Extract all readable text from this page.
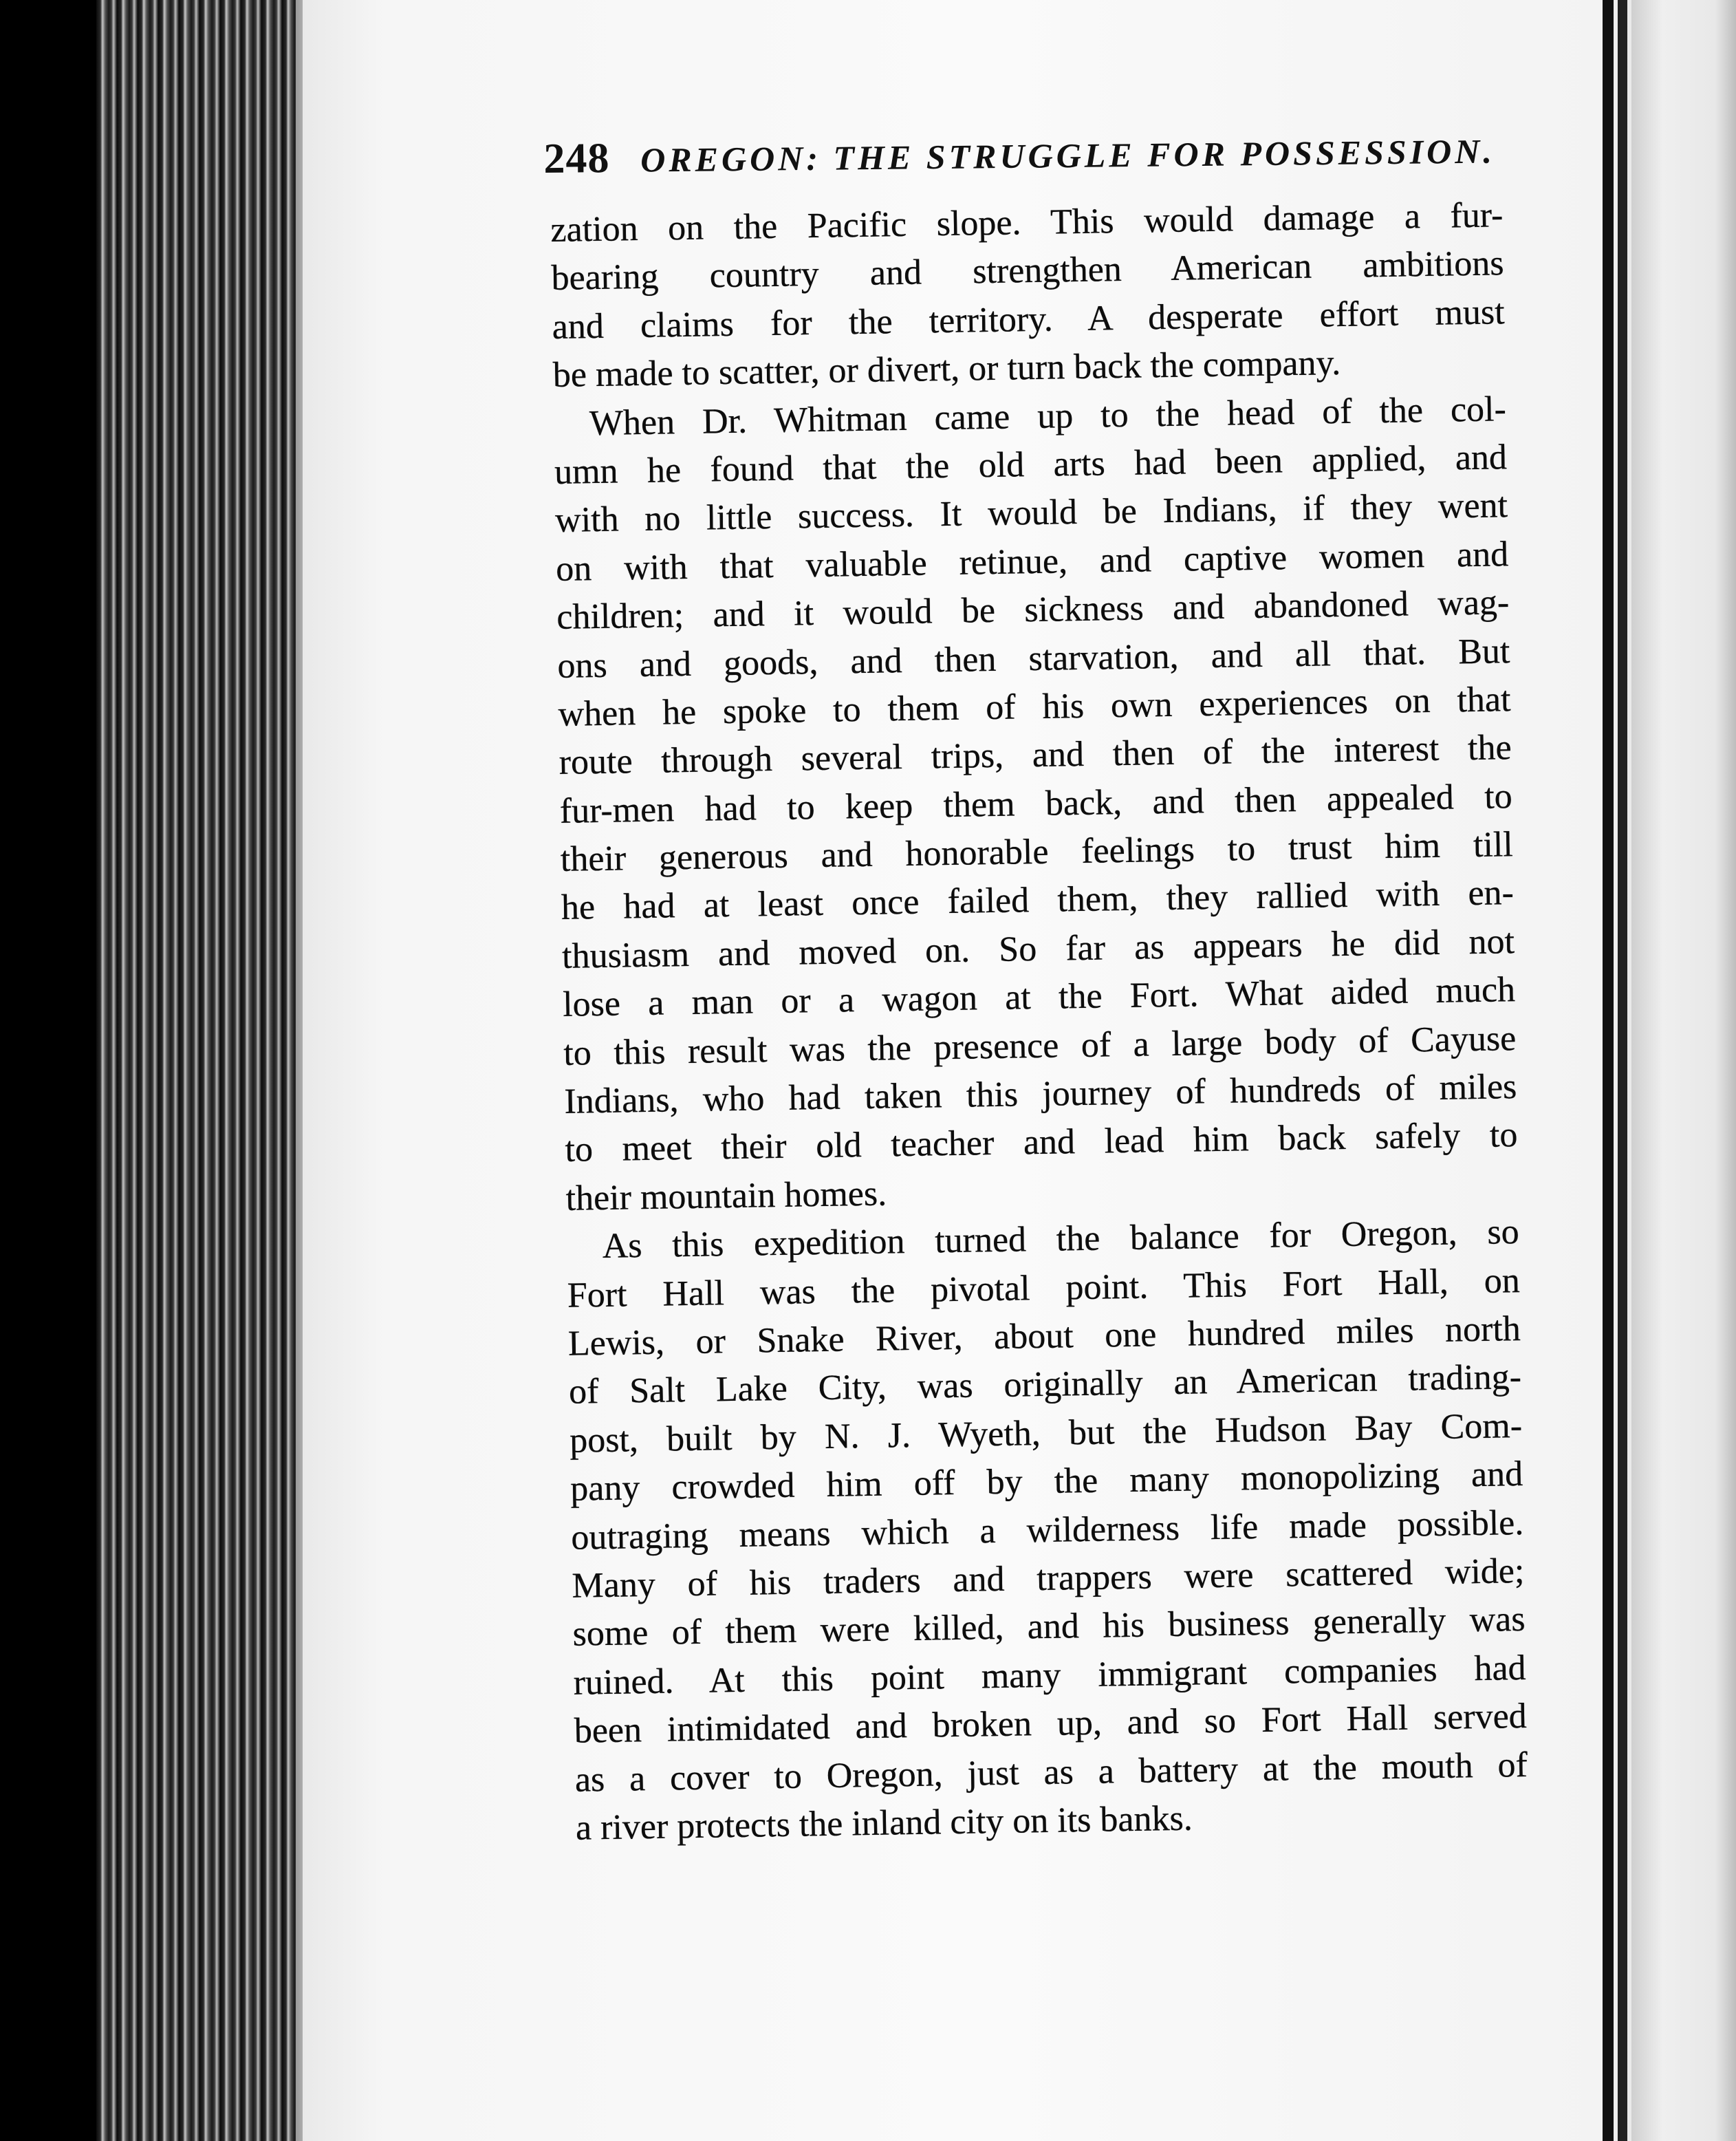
248 OREGON: THE STRUGGLE FOR POSSESSION.
zation on the Pacific slope. This would damage a fur-
bearing country and strengthen American ambitions
and claims for the territory. A desperate effort must
be made to scatter, or divert, or turn back the company.
When Dr. Whitman came up to the head of the col-
umn he found that the old arts had been applied, and
with no little success. It would be Indians, if they went
on with that valuable retinue, and captive women and
children; and it would be sickness and abandoned wag-
ons and goods, and then starvation, and all that. But
when he spoke to them of his own experiences on that
route through several trips, and then of the interest the
fur-men had to keep them back, and then appealed to
their generous and honorable feelings to trust him till
he had at least once failed them, they rallied with en-
thusiasm and moved on. So far as appears he did not
lose a man or a wagon at the Fort. What aided much
to this result was the presence of a large body of Cayuse
Indians, who had taken this journey of hundreds of miles
to meet their old teacher and lead him back safely to
their mountain homes.
As this expedition turned the balance for Oregon, so
Fort Hall was the pivotal point. This Fort Hall, on
Lewis, or Snake River, about one hundred miles north
of Salt Lake City, was originally an American trading-
post, built by N. J. Wyeth, but the Hudson Bay Com-
pany crowded him off by the many monopolizing and
outraging means which a wilderness life made possible.
Many of his traders and trappers were scattered wide;
some of them were killed, and his business generally was
ruined. At this point many immigrant companies had
been intimidated and broken up, and so Fort Hall served
as a cover to Oregon, just as a battery at the mouth of
a river protects the inland city on its banks.
